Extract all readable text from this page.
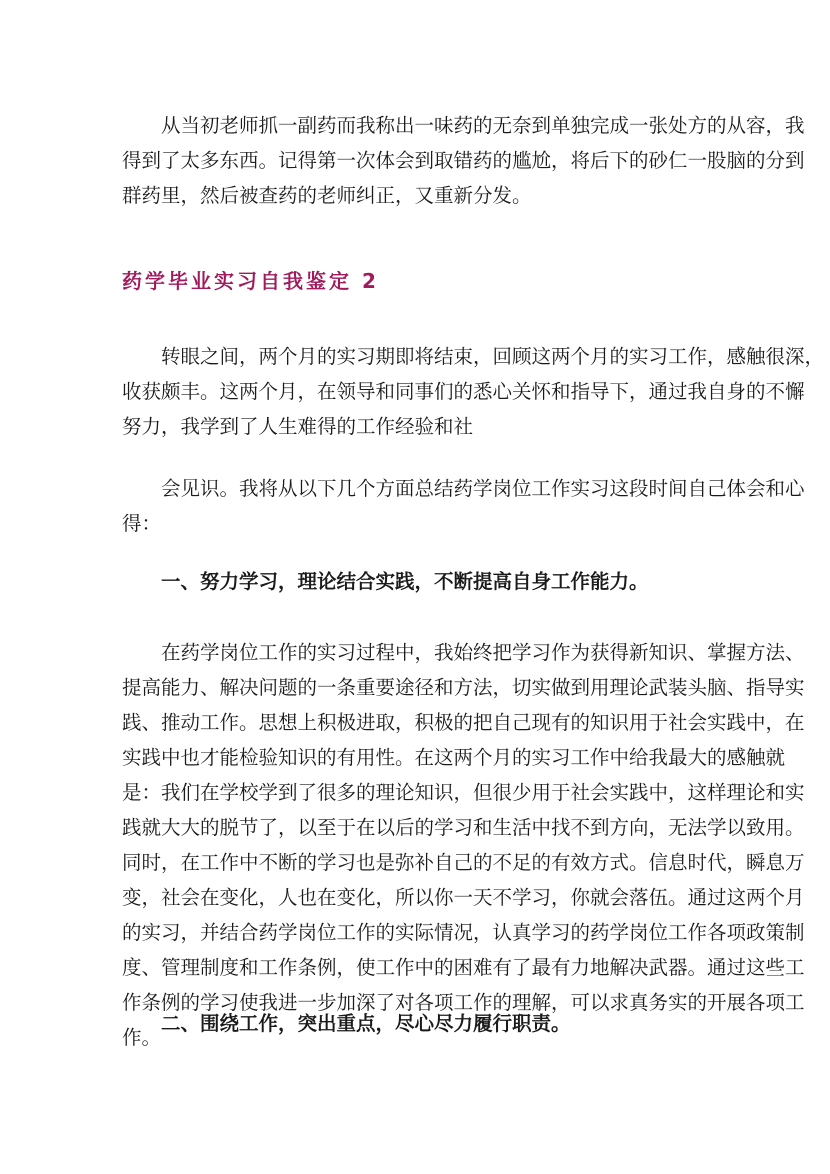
从当初老师抓一副药而我称出一味药的无奈到单独完成一张处方的从容，我
得到了太多东西。记得第一次体会到取错药的尴尬，将后下的砂仁一股脑的分到
群药里，然后被查药的老师纠正，又重新分发。
药学毕业实习自我鉴定 2
转眼之间，两个月的实习期即将结束，回顾这两个月的实习工作，感触很深，
收获颇丰。这两个月，在领导和同事们的悉心关怀和指导下，通过我自身的不懈
努力，我学到了人生难得的工作经验和社
会见识。我将从以下几个方面总结药学岗位工作实习这段时间自己体会和心
得：
一、努力学习，理论结合实践，不断提高自身工作能力。
在药学岗位工作的实习过程中，我始终把学习作为获得新知识、掌握方法、
提高能力、解决问题的一条重要途径和方法，切实做到用理论武装头脑、指导实
践、推动工作。思想上积极进取，积极的把自己现有的知识用于社会实践中，在
实践中也才能检验知识的有用性。在这两个月的实习工作中给我最大的感触就
是：我们在学校学到了很多的理论知识，但很少用于社会实践中，这样理论和实
践就大大的脱节了，以至于在以后的学习和生活中找不到方向，无法学以致用。
同时，在工作中不断的学习也是弥补自己的不足的有效方式。信息时代，瞬息万
变，社会在变化，人也在变化，所以你一天不学习，你就会落伍。通过这两个月
的实习，并结合药学岗位工作的实际情况，认真学习的药学岗位工作各项政策制
度、管理制度和工作条例，使工作中的困难有了最有力地解决武器。通过这些工
作条例的学习使我进一步加深了对各项工作的理解，可以求真务实的开展各项工
作。
二、围绕工作，突出重点，尽心尽力履行职责。
